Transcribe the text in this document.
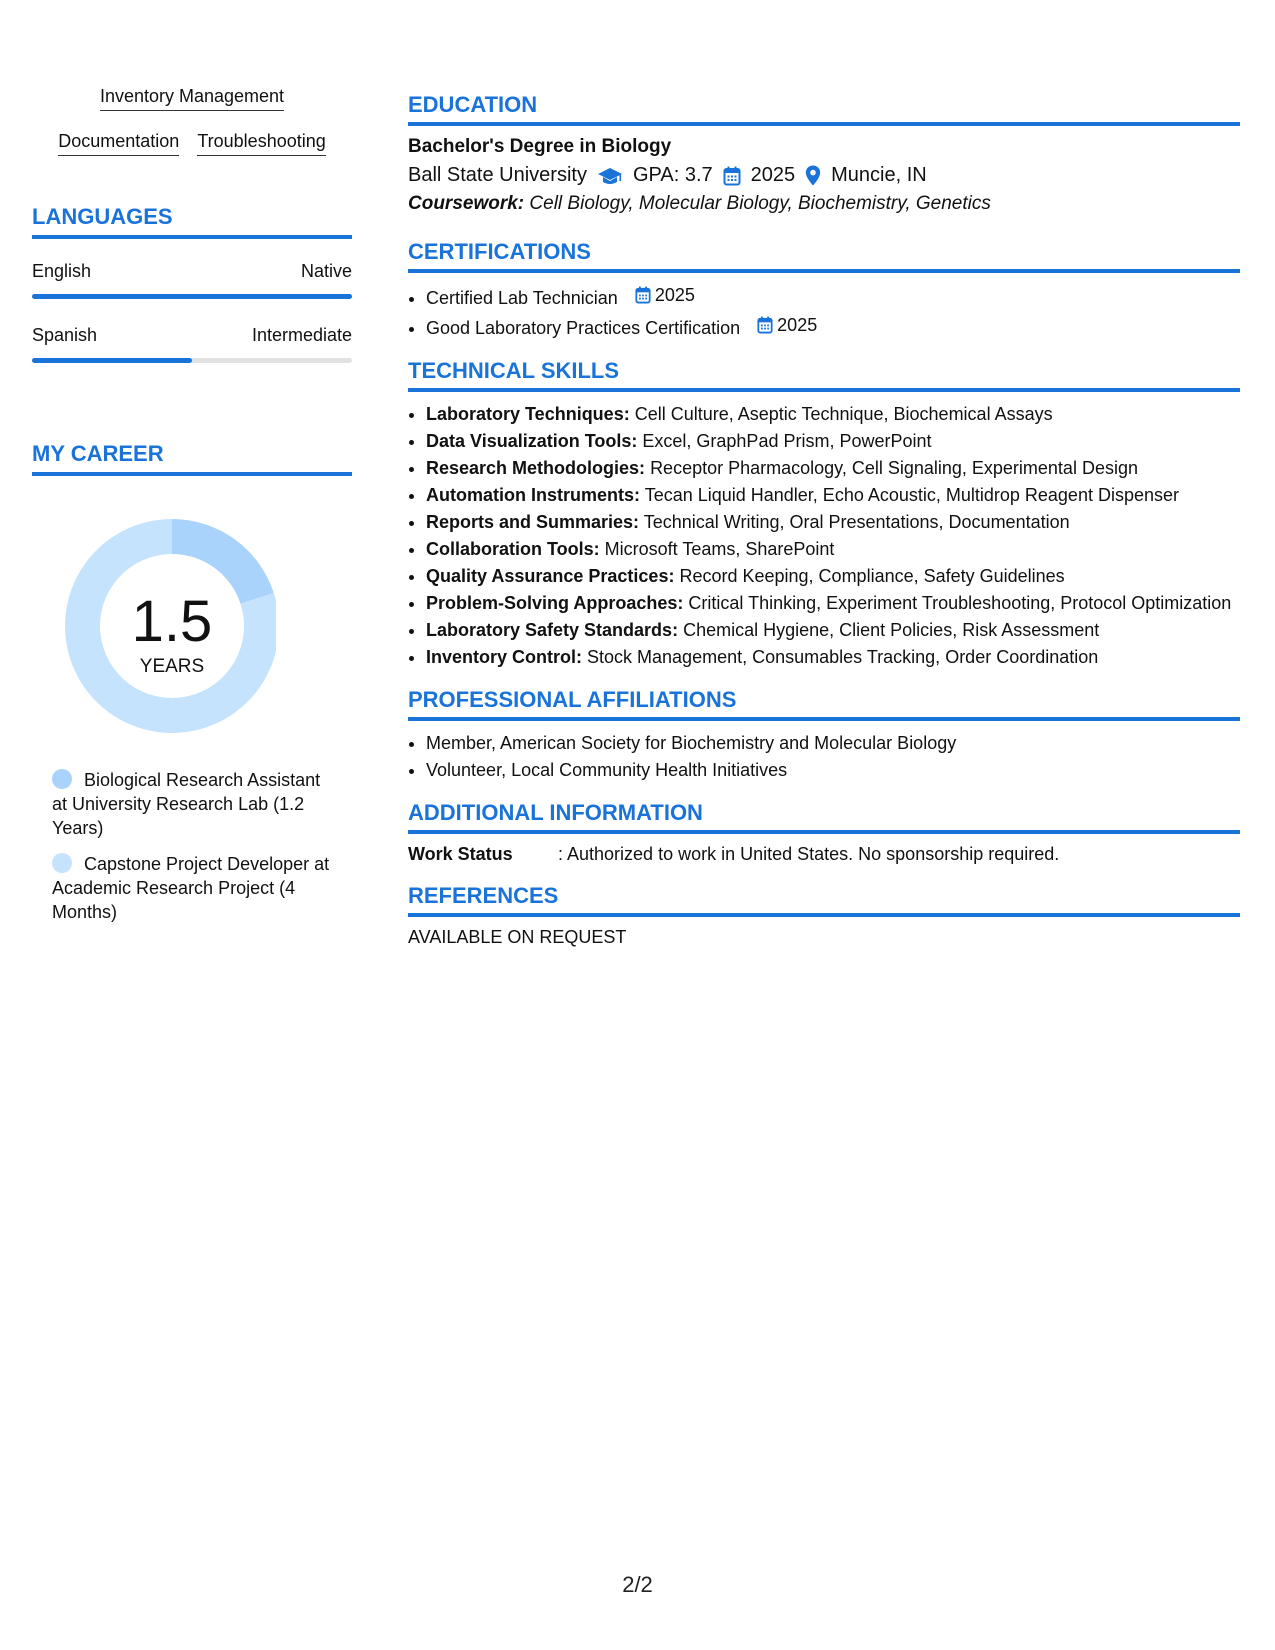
Inventory Management
Documentation Troubleshooting
LANGUAGES
English	Native
Spanish	Intermediate
MY CAREER
1.5
YEARS
Biological Research Assistant at University Research Lab (1.2 Years)
Capstone Project Developer at Academic Research Project (4 Months)
EDUCATION
Bachelor's Degree in Biology
Ball State University GPA: 3.7 2025 Muncie, IN
Coursework: Cell Biology, Molecular Biology, Biochemistry, Genetics
CERTIFICATIONS
• Certified Lab Technician 2025
• Good Laboratory Practices Certification 2025
TECHNICAL SKILLS
• Laboratory Techniques: Cell Culture, Aseptic Technique, Biochemical Assays
• Data Visualization Tools: Excel, GraphPad Prism, PowerPoint
• Research Methodologies: Receptor Pharmacology, Cell Signaling, Experimental Design
• Automation Instruments: Tecan Liquid Handler, Echo Acoustic, Multidrop Reagent Dispenser
• Reports and Summaries: Technical Writing, Oral Presentations, Documentation
• Collaboration Tools: Microsoft Teams, SharePoint
• Quality Assurance Practices: Record Keeping, Compliance, Safety Guidelines
• Problem-Solving Approaches: Critical Thinking, Experiment Troubleshooting, Protocol Optimization
• Laboratory Safety Standards: Chemical Hygiene, Client Policies, Risk Assessment
• Inventory Control: Stock Management, Consumables Tracking, Order Coordination
PROFESSIONAL AFFILIATIONS
• Member, American Society for Biochemistry and Molecular Biology
• Volunteer, Local Community Health Initiatives
ADDITIONAL INFORMATION
Work Status	: Authorized to work in United States. No sponsorship required.
REFERENCES
AVAILABLE ON REQUEST
2/2
